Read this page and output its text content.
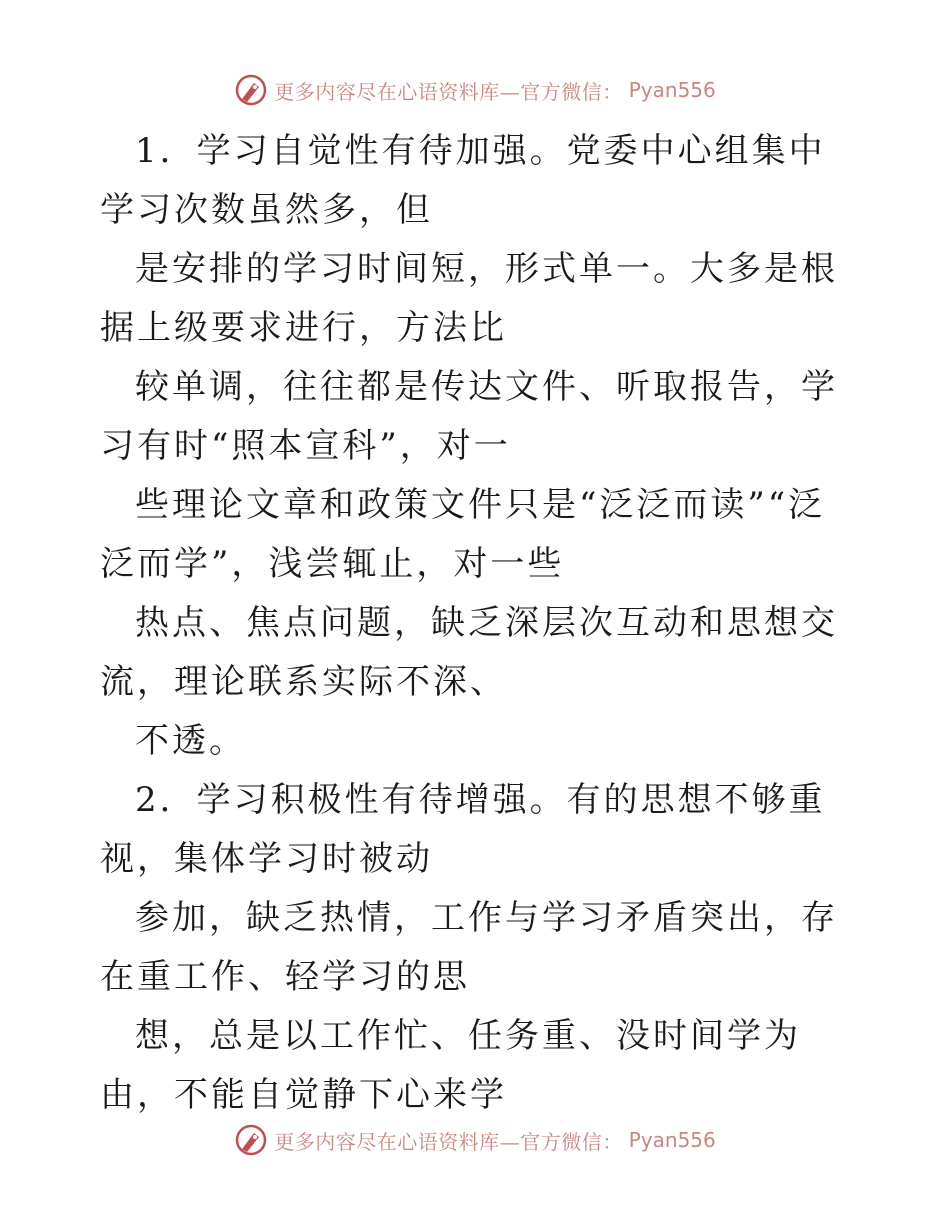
更多内容尽在心语资料库—官方微信： Pyan556

1．学习自觉性有待加强。党委中心组集中学习次数虽然多，但

是安排的学习时间短，形式单一。大多是根据上级要求进行，方法比

较单调，往往都是传达文件、听取报告，学习有时“照本宣科”，对一

些理论文章和政策文件只是“泛泛而读”“泛泛而学”，浅尝辄止，对一些

热点、焦点问题，缺乏深层次互动和思想交流，理论联系实际不深、

不透。

2．学习积极性有待增强。有的思想不够重视，集体学习时被动

参加，缺乏热情，工作与学习矛盾突出，存在重工作、轻学习的思

想，总是以工作忙、任务重、没时间学为由，不能自觉静下心来学

更多内容尽在心语资料库—官方微信： Pyan556
